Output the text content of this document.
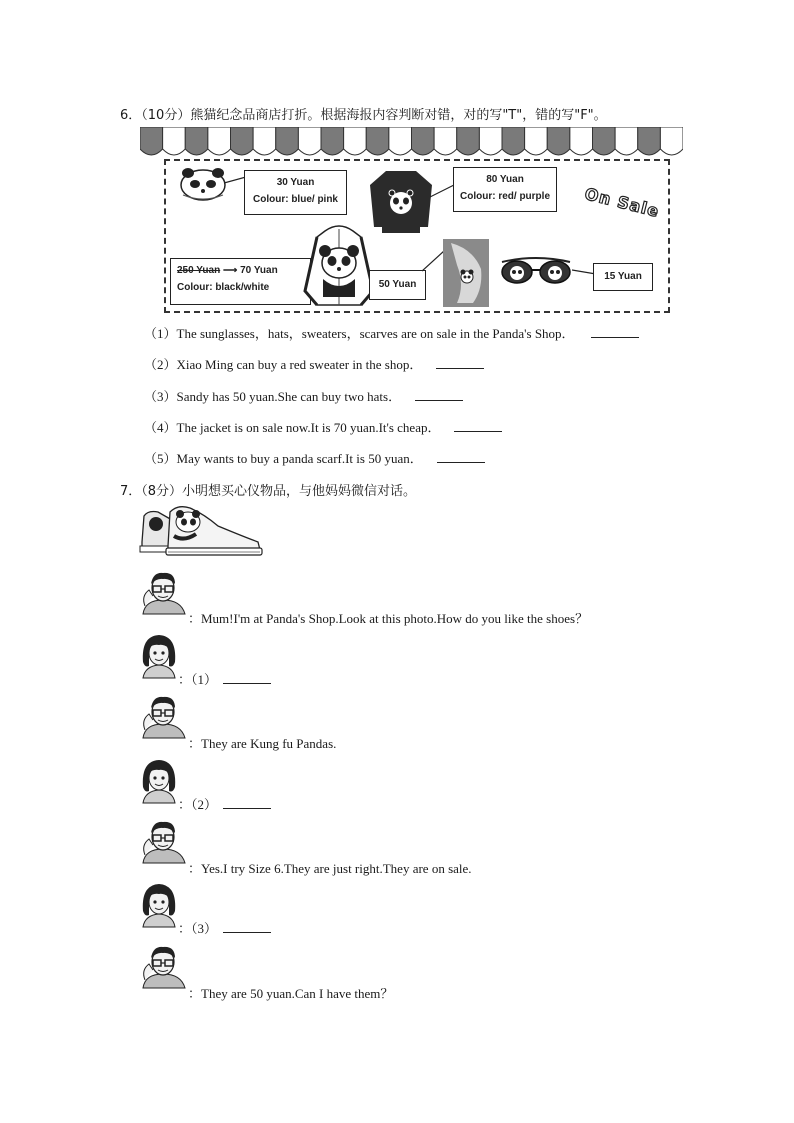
6．（10分）熊猫纪念品商店打折。根据海报内容判断对错，对的写"T"，错的写"F"。
30 Yuan
Colour: blue/ pink
80 Yuan
Colour: red/ purple	On Sale
250 Yuan ⟶ 70 Yuan
Colour: black/white	50 Yuan
15 Yuan
（1）The sunglasses，hats，sweaters，scarves are on sale in the Panda's Shop．
（2）Xiao Ming can buy a red sweater in the shop．
（3）Sandy has 50 yuan.She can buy two hats．
（4）The jacket is on sale now.It is 70 yuan.It's cheap．
（5）May wants to buy a panda scarf.It is 50 yuan．
7．（8分）小明想买心仪物品，与他妈妈微信对话。
：Mum!I'm at Panda's Shop.Look at this photo.How do you like the shoes？
：（1）
：They are Kung fu Pandas.
：（2）
：Yes.I try Size 6.They are just right.They are on sale.
：（3）
：They are 50 yuan.Can I have them？
